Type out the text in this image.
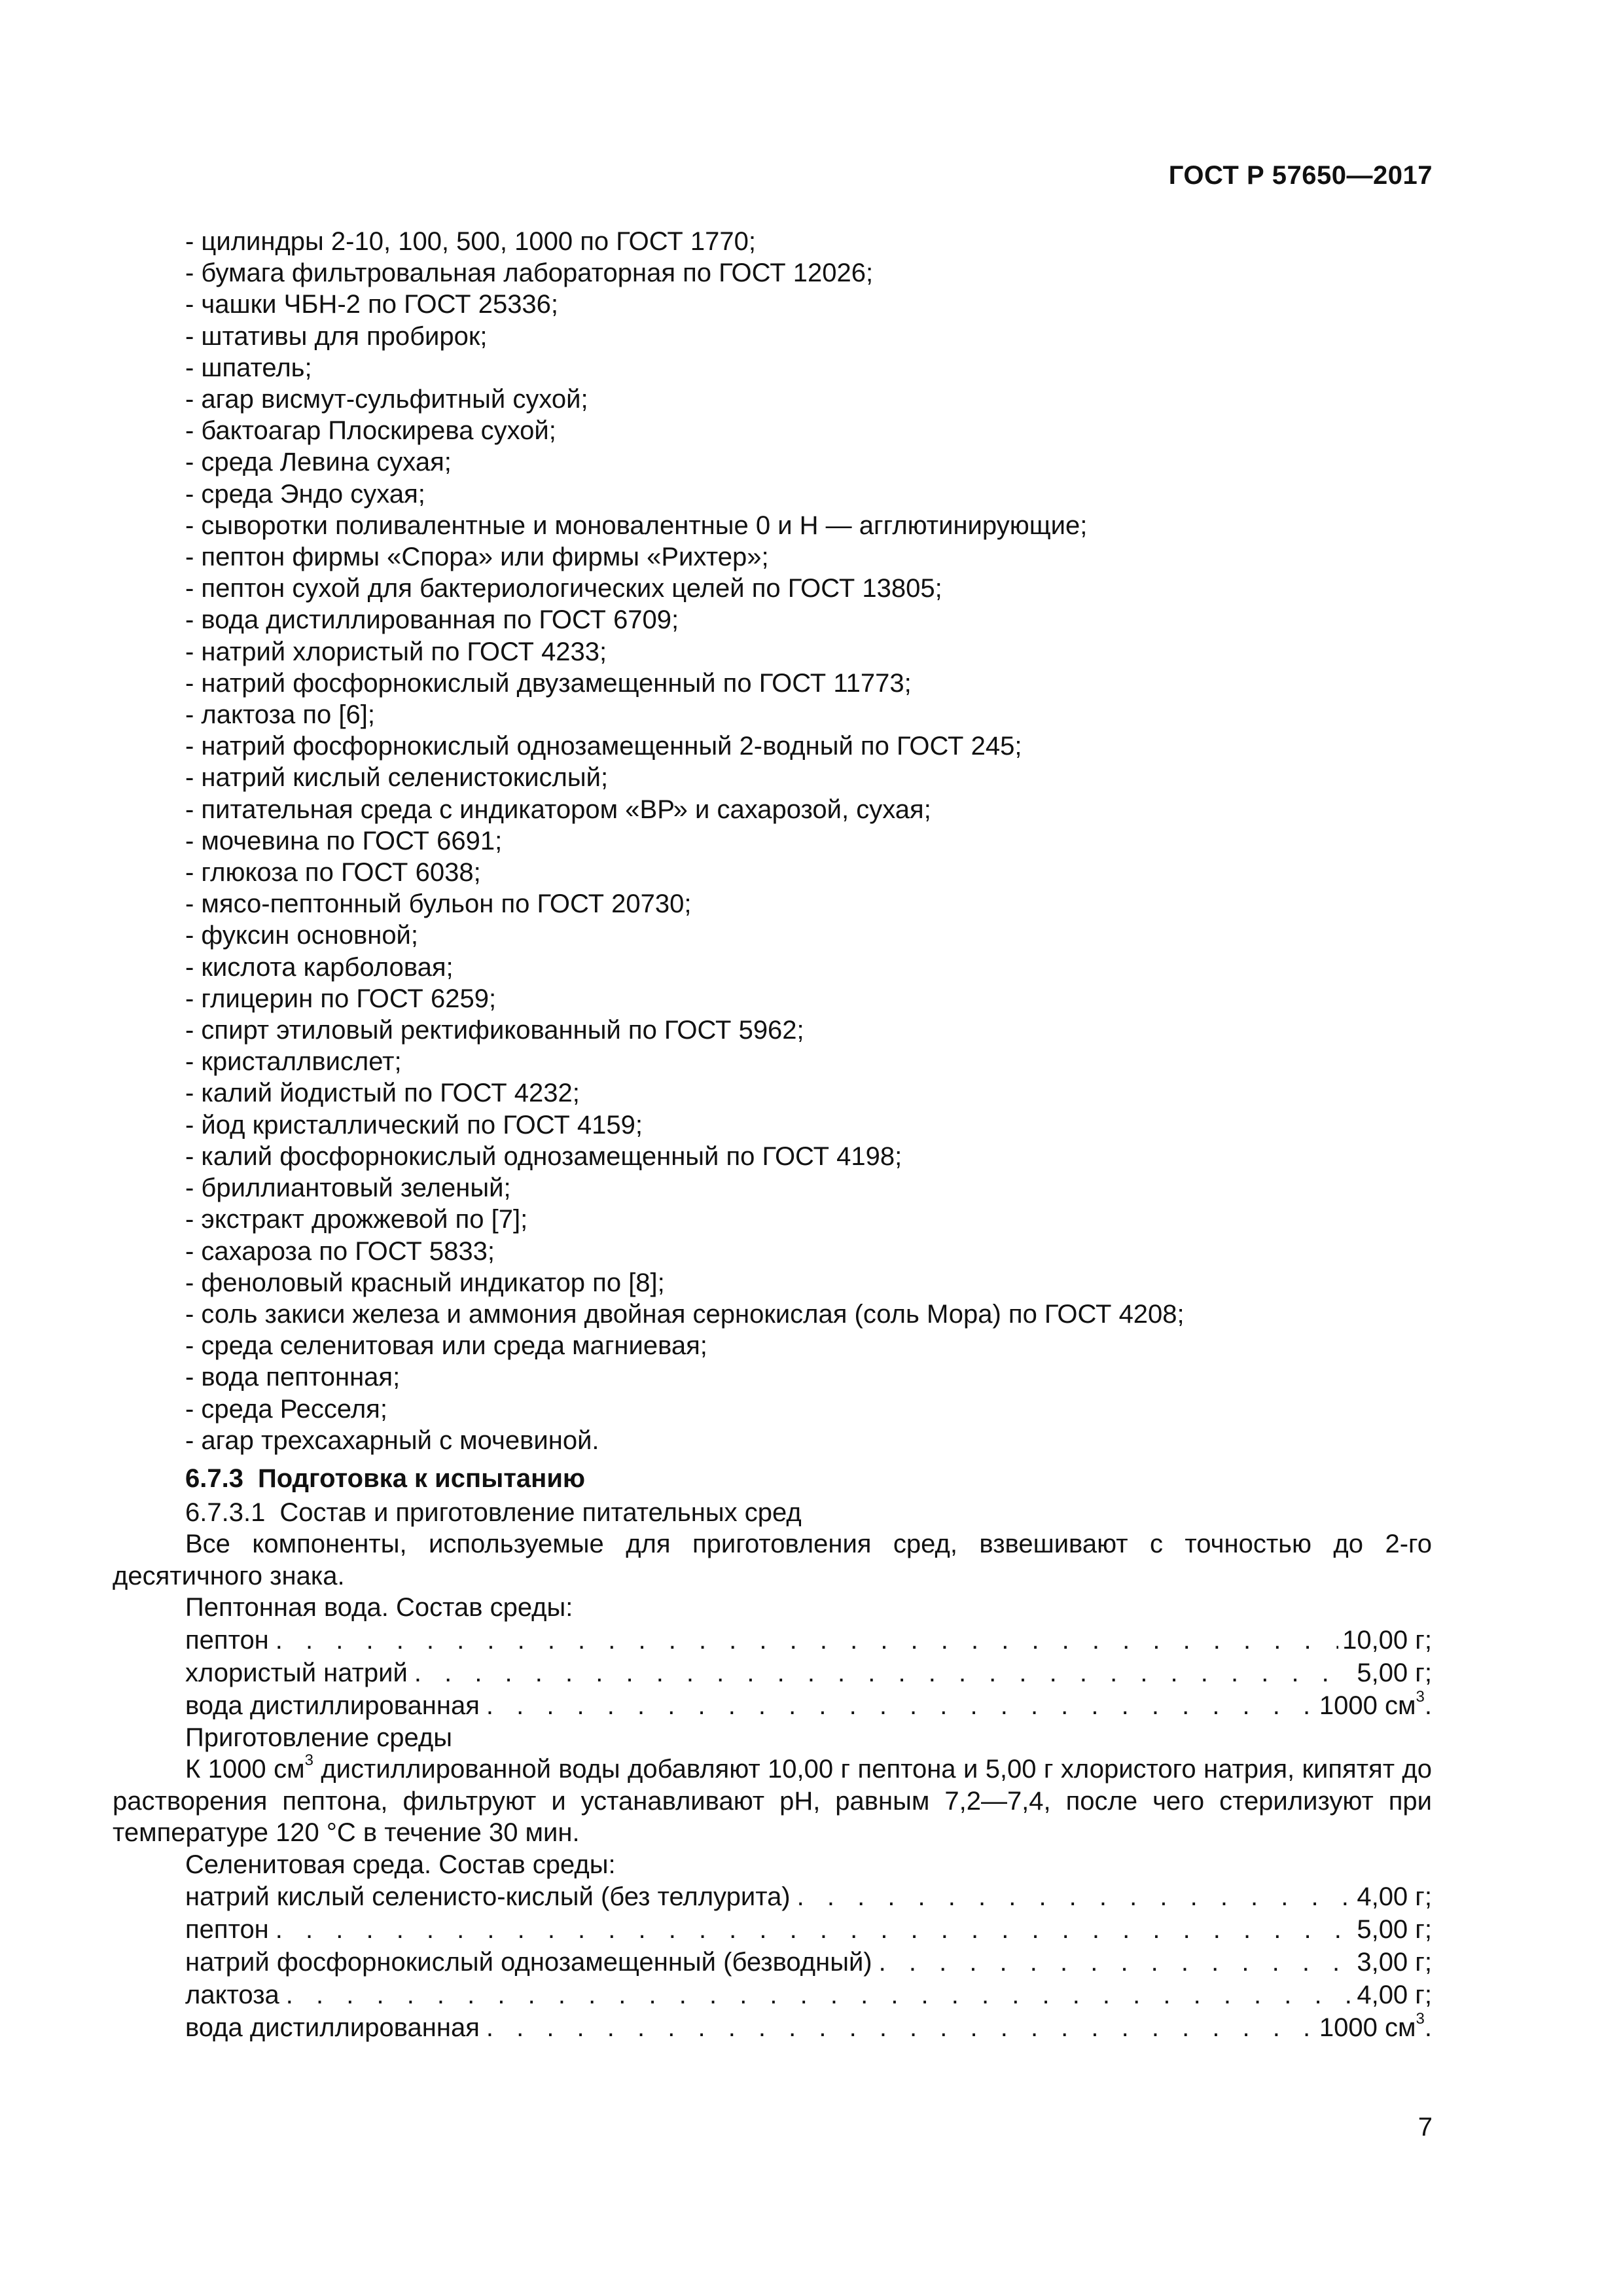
ГОСТ Р 57650—2017
- цилиндры 2-10, 100, 500, 1000 по ГОСТ 1770;
- бумага фильтровальная лабораторная по ГОСТ 12026;
- чашки ЧБН-2 по ГОСТ 25336;
- штативы для пробирок;
- шпатель;
- агар висмут-сульфитный сухой;
- бактоагар Плоскирева сухой;
- среда Левина сухая;
- среда Эндо сухая;
- сыворотки поливалентные и моновалентные 0 и Н — агглютинирующие;
- пептон фирмы «Спора» или фирмы «Рихтер»;
- пептон сухой для бактериологических целей по ГОСТ 13805;
- вода дистиллированная по ГОСТ 6709;
- натрий хлористый по ГОСТ 4233;
- натрий фосфорнокислый двузамещенный по ГОСТ 11773;
- лактоза по [6];
- натрий фосфорнокислый однозамещенный 2-водный по ГОСТ 245;
- натрий кислый селенистокислый;
- питательная среда с индикатором «ВР» и сахарозой, сухая;
- мочевина по ГОСТ 6691;
- глюкоза по ГОСТ 6038;
- мясо-пептонный бульон по ГОСТ 20730;
- фуксин основной;
- кислота карболовая;
- глицерин по ГОСТ 6259;
- спирт этиловый ректификованный по ГОСТ 5962;
- кристаллвислет;
- калий йодистый по ГОСТ 4232;
- йод кристаллический по ГОСТ 4159;
- калий фосфорнокислый однозамещенный по ГОСТ 4198;
- бриллиантовый зеленый;
- экстракт дрожжевой по [7];
- сахароза по ГОСТ 5833;
- феноловый красный индикатор по [8];
- соль закиси железа и аммония двойная сернокислая (соль Мора) по ГОСТ 4208;
- среда селенитовая или среда магниевая;
- вода пептонная;
- среда Ресселя;
- агар трехсахарный с мочевиной.
6.7.3 Подготовка к испытанию
6.7.3.1 Состав и приготовление питательных сред
Все компоненты, используемые для приготовления сред, взвешивают с точностью до 2-го десятичного знака.
Пептонная вода. Состав среды:
пептон . . .	10,00 г;
хлористый натрий . . .	5,00 г;
вода дистиллированная . . .	1000 $см^3$.
Приготовление среды
К 1000 $см^3$ дистиллированной воды добавляют 10,00 г пептона и 5,00 г хлористого натрия, кипятят до растворения пептона, фильтруют и устанавливают рН, равным 7,2—7,4, после чего стерилизуют при температуре 120 °С в течение 30 мин.
Селенитовая среда. Состав среды:
натрий кислый селенисто-кислый (без теллурита) . . .	4,00 г;
пептон . . .	5,00 г;
натрий фосфорнокислый однозамещенный (безводный) . . .	3,00 г;
лактоза . . .	4,00 г;
вода дистиллированная . . .	1000 $см^3$.
7
